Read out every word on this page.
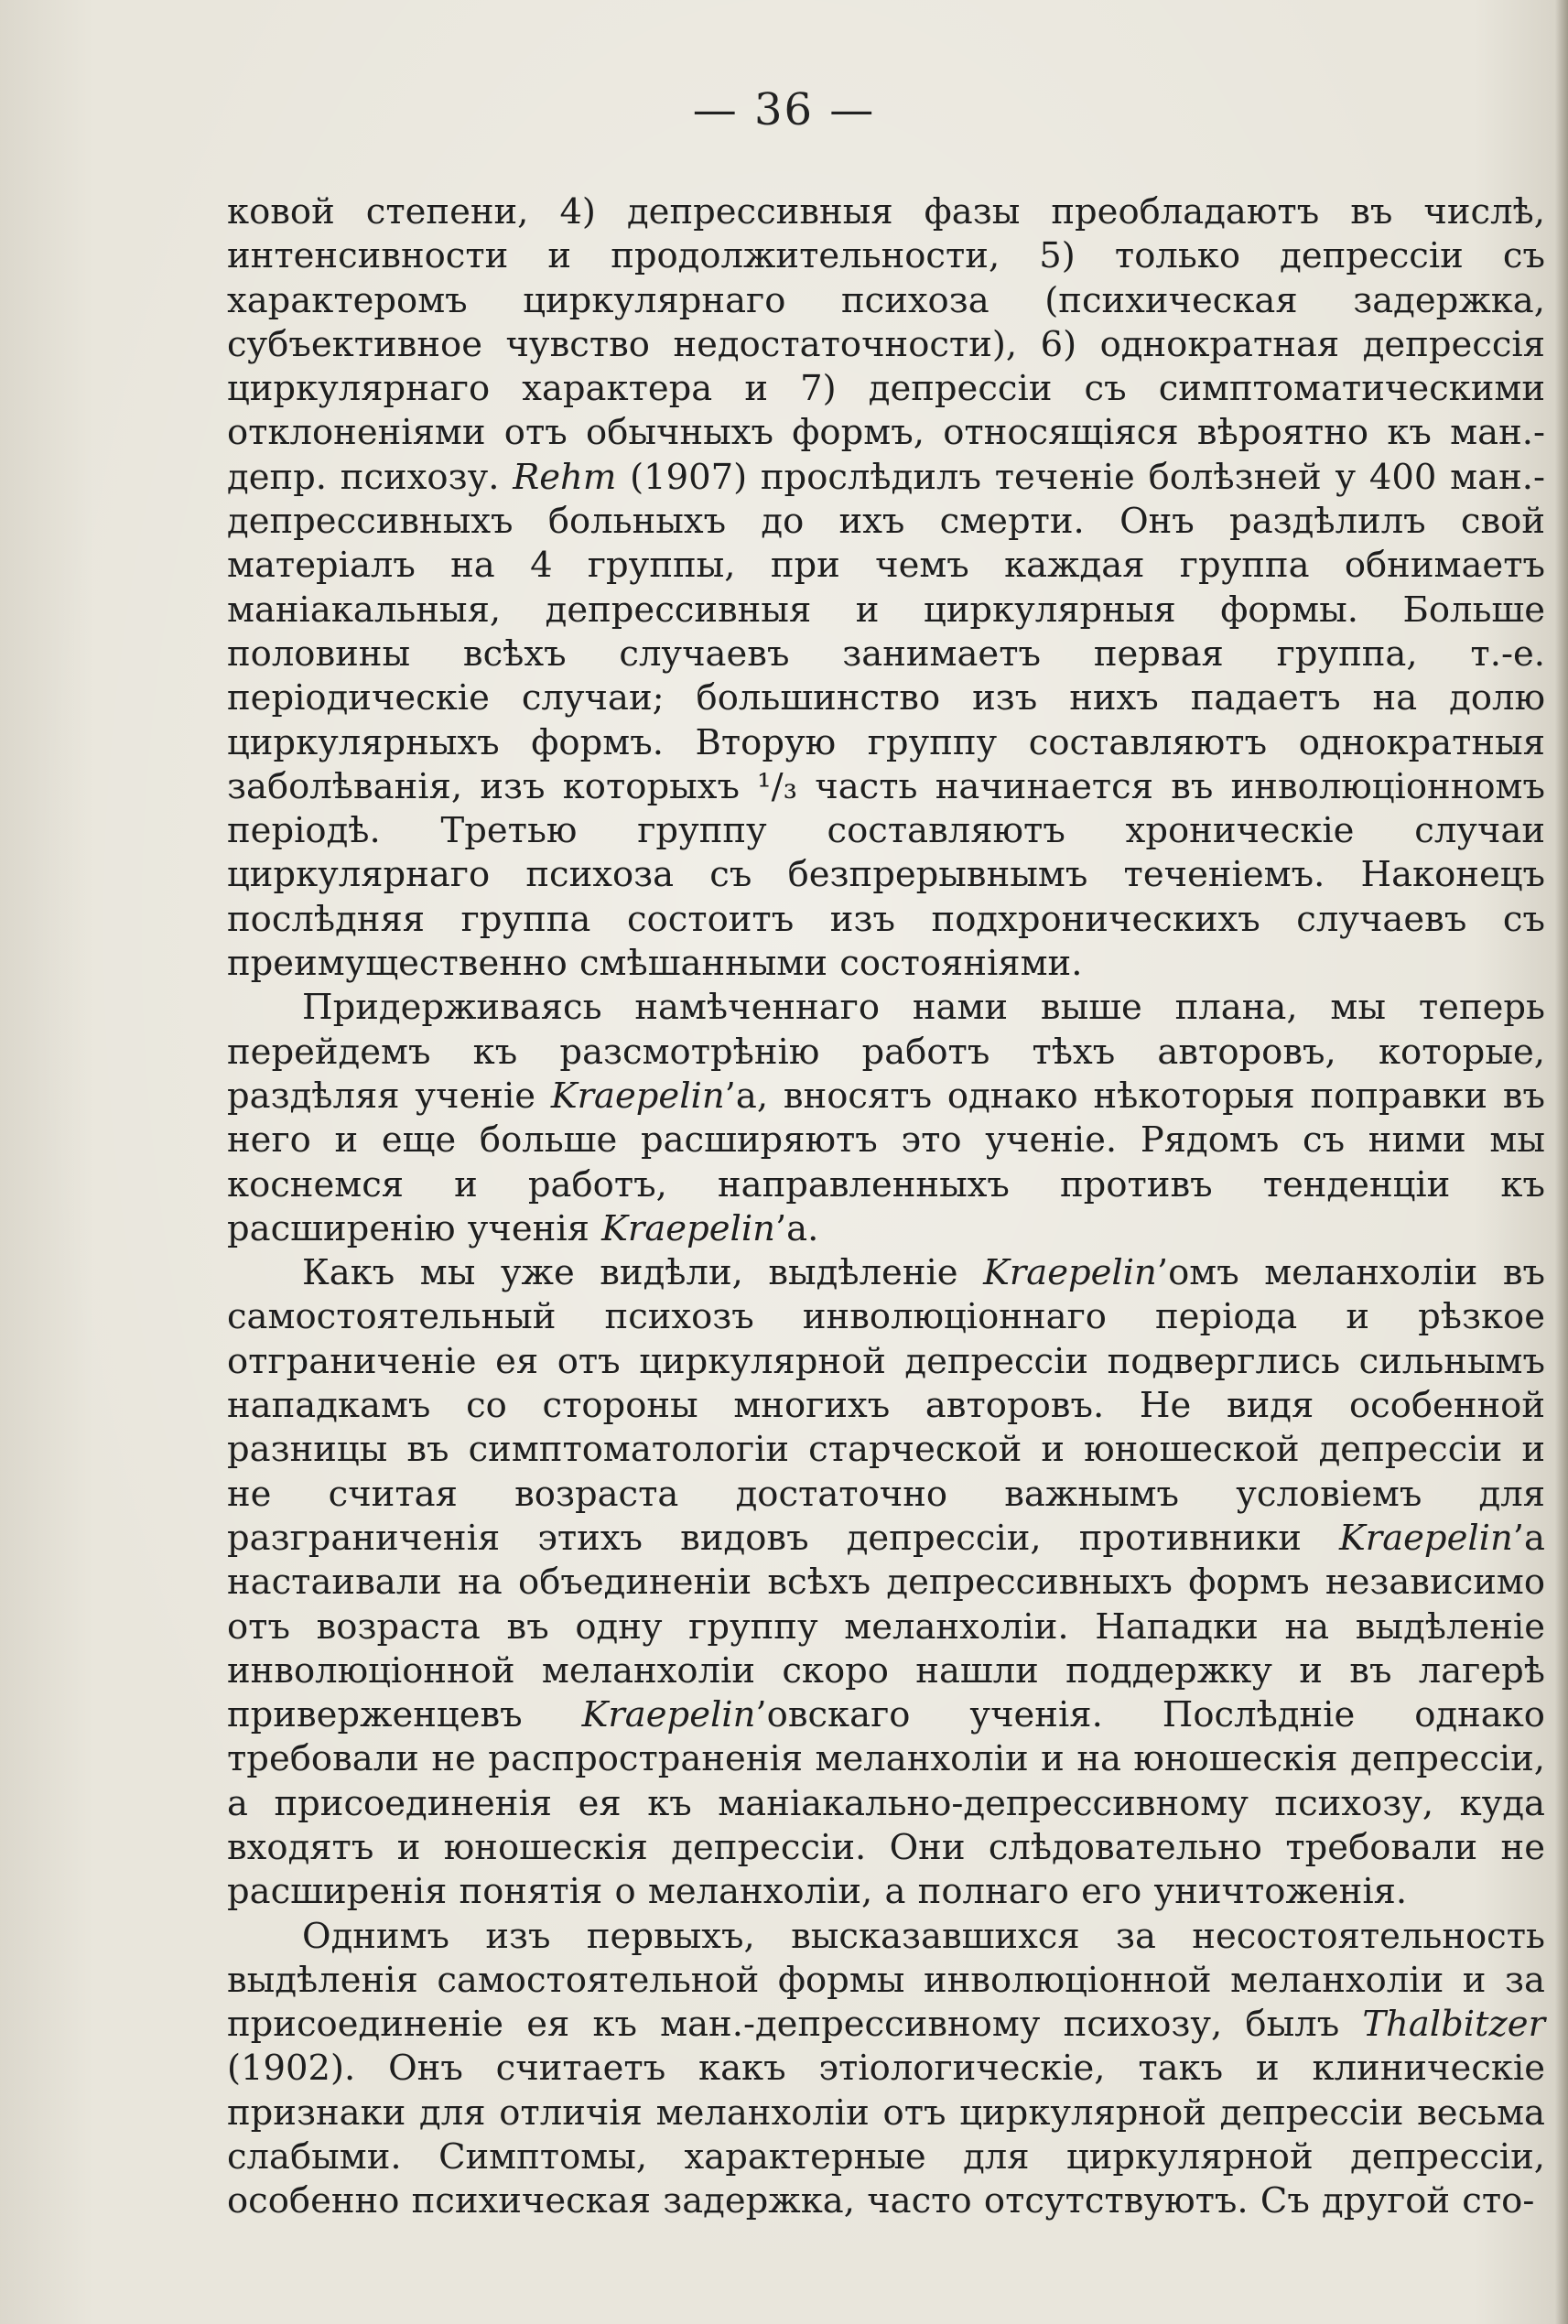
— 36 —

ковой степени, 4) депрессивныя фазы преобладаютъ въ числѣ, интенсивности и продолжительности, 5) только депрессіи съ характеромъ циркулярнаго психоза (психическая задержка, субъективное чувство недостаточности), 6) однократная депрессія циркулярнаго характера и 7) депрессіи съ симптоматическими отклоненіями отъ обычныхъ формъ, относящіяся вѣроятно къ ман.-депр. психозу. Rehm (1907) прослѣдилъ теченіе болѣзней у 400 ман.-депрессивныхъ больныхъ до ихъ смерти. Онъ раздѣлилъ свой матеріалъ на 4 группы, при чемъ каждая группа обнимаетъ маніакальныя, депрессивныя и циркулярныя формы. Больше половины всѣхъ случаевъ занимаетъ первая группа, т.-е. періодическіе случаи; большинство изъ нихъ падаетъ на долю циркулярныхъ формъ. Вторую группу составляютъ однократныя заболѣванія, изъ которыхъ ¹/₃ часть начинается въ инволюціонномъ періодѣ. Третью группу составляютъ хроническіе случаи циркулярнаго психоза съ безпрерывнымъ теченіемъ. Наконецъ послѣдняя группа состоитъ изъ подхроническихъ случаевъ съ преимущественно смѣшанными состояніями.

Придерживаясь намѣченнаго нами выше плана, мы теперь перейдемъ къ разсмотрѣнію работъ тѣхъ авторовъ, которые, раздѣляя ученіе Kraepelin’а, вносятъ однако нѣкоторыя поправки въ него и еще больше расширяютъ это ученіе. Рядомъ съ ними мы коснемся и работъ, направленныхъ противъ тенденціи къ расширенію ученія Kraepelin’а.

Какъ мы уже видѣли, выдѣленіе Kraepelin’омъ меланхоліи въ самостоятельный психозъ инволюціоннаго періода и рѣзкое отграниченіе ея отъ циркулярной депрессіи подверглись сильнымъ нападкамъ со стороны многихъ авторовъ. Не видя особенной разницы въ симптоматологіи старческой и юношеской депрессіи и не считая возраста достаточно важнымъ условіемъ для разграниченія этихъ видовъ депрессіи, противники Kraepelin’а настаивали на объединеніи всѣхъ депрессивныхъ формъ независимо отъ возраста въ одну группу меланхоліи. Нападки на выдѣленіе инволюціонной меланхоліи скоро нашли поддержку и въ лагерѣ приверженцевъ Kraepelin’овскаго ученія. Послѣдніе однако требовали не распространенія меланхоліи и на юношескія депрессіи, а присоединенія ея къ маніакально-депрессивному психозу, куда входятъ и юношескія депрессіи. Они слѣдовательно требовали не расширенія понятія о меланхоліи, а полнаго его уничтоженія.

Однимъ изъ первыхъ, высказавшихся за несостоятельность выдѣленія самостоятельной формы инволюціонной меланхоліи и за присоединеніе ея къ ман.-депрессивному психозу, былъ Thalbitzer (1902). Онъ считаетъ какъ этіологическіе, такъ и клиническіе признаки для отличія меланхоліи отъ циркулярной депрессіи весьма слабыми. Симптомы, характерные для циркулярной депрессіи, особенно психическая задержка, часто отсутствуютъ. Съ другой сто-
